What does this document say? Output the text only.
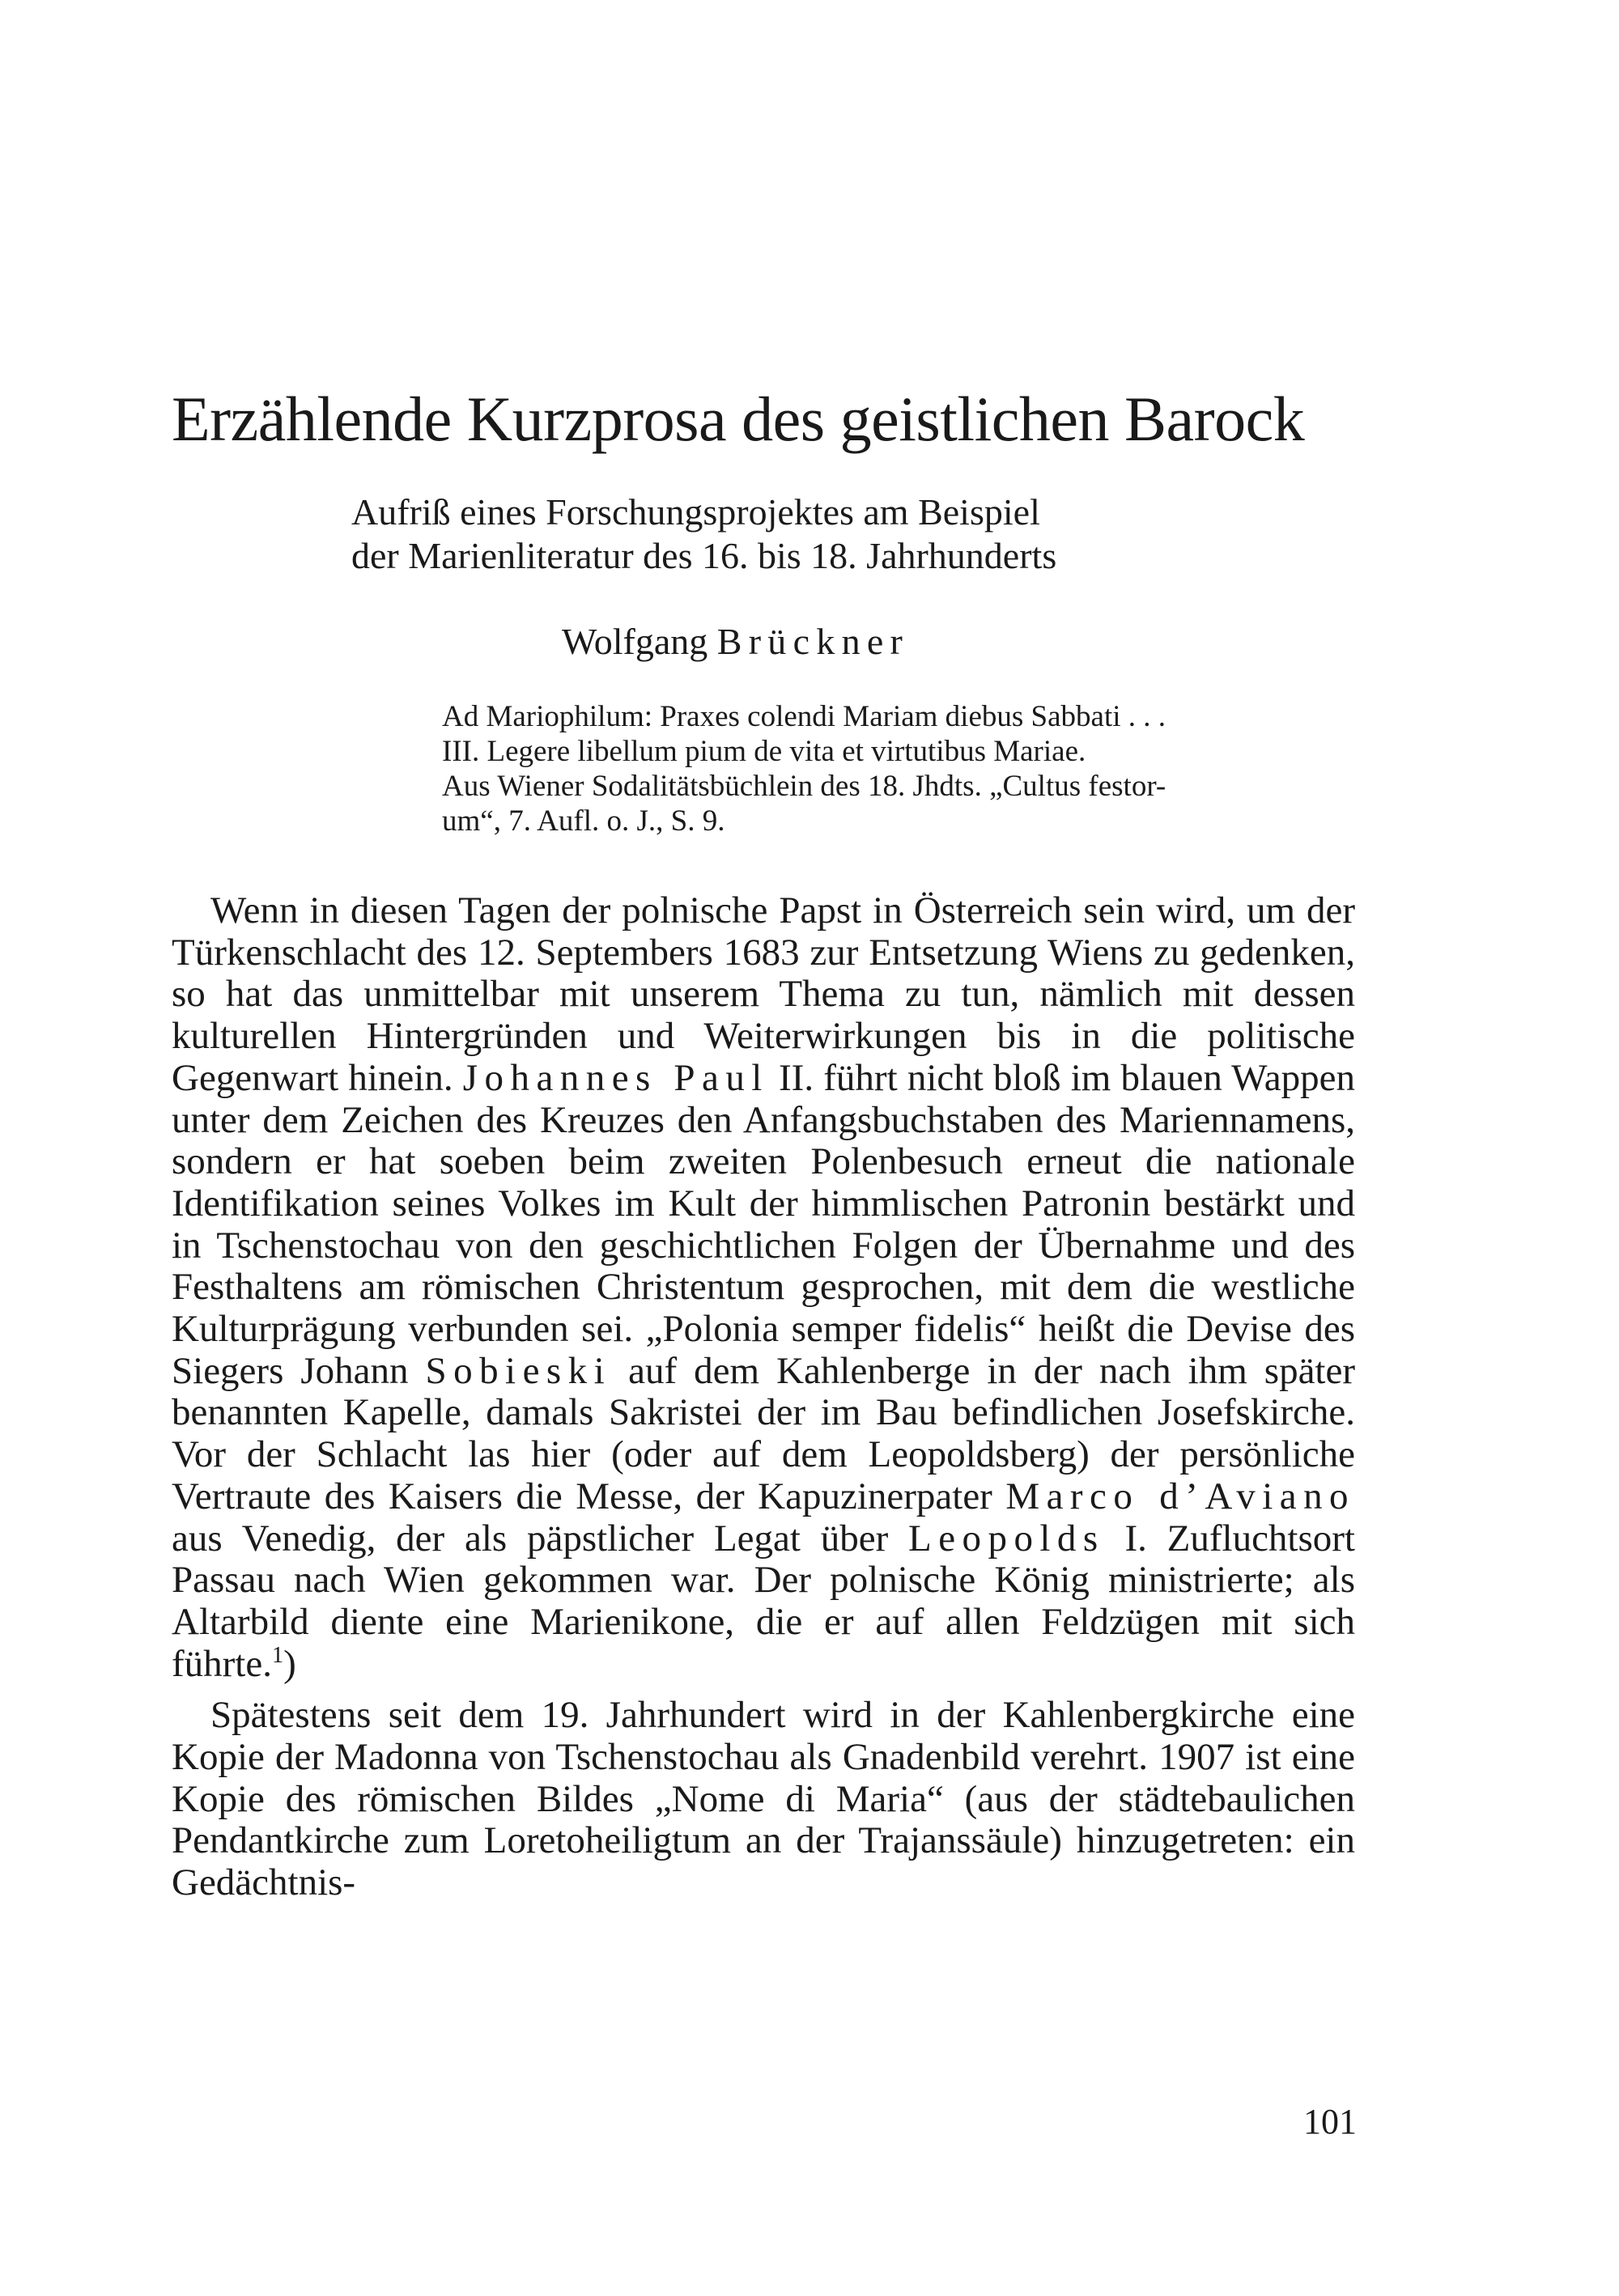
Erzählende Kurzprosa des geistlichen Barock
Aufriß eines Forschungsprojektes am Beispiel
der Marienliteratur des 16. bis 18. Jahrhunderts
Wolfgang Brückner
Ad Mariophilum: Praxes colendi Mariam diebus Sabbati . . .
III. Legere libellum pium de vita et virtutibus Mariae.
Aus Wiener Sodalitätsbüchlein des 18. Jhdts. „Cultus festor-
um“, 7. Aufl. o. J., S. 9.

Wenn in diesen Tagen der polnische Papst in Österreich sein wird, um der Türkenschlacht des 12. Septembers 1683 zur Entsetzung Wiens zu gedenken, so hat das unmittelbar mit unserem Thema zu tun, nämlich mit dessen kulturellen Hintergründen und Weiterwirkungen bis in die politische Gegenwart hinein. Johannes Paul II. führt nicht bloß im blauen Wappen unter dem Zeichen des Kreuzes den Anfangsbuchstaben des Mariennamens, sondern er hat soeben beim zweiten Polenbesuch erneut die nationale Identifikation seines Volkes im Kult der himmlischen Patronin bestärkt und in Tschenstochau von den geschichtlichen Folgen der Übernahme und des Festhaltens am römischen Christentum gesprochen, mit dem die westliche Kulturprägung verbunden sei. „Polonia semper fidelis“ heißt die Devise des Siegers Johann Sobieski auf dem Kahlenberge in der nach ihm später benannten Kapelle, damals Sakristei der im Bau befindlichen Josefskirche. Vor der Schlacht las hier (oder auf dem Leopoldsberg) der persönliche Vertraute des Kaisers die Messe, der Kapuzinerpater Marco d’Aviano aus Venedig, der als päpstlicher Legat über Leopolds I. Zufluchtsort Passau nach Wien gekommen war. Der polnische König ministrierte; als Altarbild diente eine Marienikone, die er auf allen Feldzügen mit sich führte.$^1$)

Spätestens seit dem 19. Jahrhundert wird in der Kahlenbergkirche eine Kopie der Madonna von Tschenstochau als Gnadenbild verehrt. 1907 ist eine Kopie des römischen Bildes „Nome di Maria“ (aus der städtebaulichen Pendantkirche zum Loretoheiligtum an der Trajanssäule) hinzugetreten: ein Gedächtnis-

101
